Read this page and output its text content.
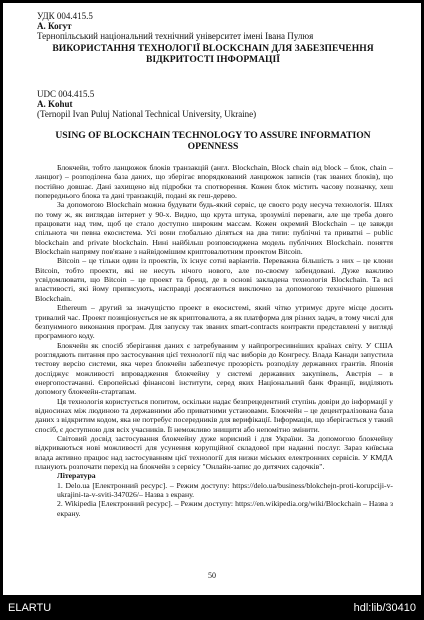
УДК 004.415.5
А. Когут
Тернопільський національний технічний університет імені Івана Пулюя
ВИКОРИСТАННЯ ТЕХНОЛОГІЇ BLOCKCHAIN ДЛЯ ЗАБЕЗПЕЧЕННЯ ВІДКРИТОСТІ ІНФОРМАЦІЇ
UDC 004.415.5
A. Kohut
(Ternopil Ivan Puluj National Technical University, Ukraine)
USING OF BLOCKCHAIN TECHNOLOGY TO ASSURE INFORMATION OPENNESS

Блокчейн, тобто ланцюжок блоків транзакцій (англ. Blockchain, Block chain від block – блок, chain – ланцюг) – розподілена база даних, що зберігає впорядкований ланцюжок записів (так званих блоків), що постійно довшає. Дані захищено від підробки та спотворення. Кожен блок містить часову позначку, хеш попереднього блока та дані транзакцій, подані як геш-дерево.

За допомогою Blockchain можна будувати будь-який сервіс, це своєго роду несуча технологія. Шлях по тому ж, як виглядав інтернет у 90-х. Видно, що крута штука, зрозумілі переваги, але ще треба довго працювати над тим, щоб це стало доступно широким массам. Кожен окремий Blockchain – це завжди спільнота чи певна екосистема. Усі вони глобально діляться на два типи: публічні та приватні – public blockchain and private blockchain. Нині найбільш розповсюджена модель публічних Blockchain. поняття Blockchain напряму пов'язане з найвідомішим криптовалютним проектом Bitcoin.

Bitcoin – це тільки один із проектів, їх існує сотні варіантів. Переважна більшість з них – це клони Bitcoin, тобто проекти, які не несуть нічого нового, але по-своєму забендовані. Дуже важливо усвідомлювати, що Bitcoin – це проект та бренд, де в основі закладена технологія Blockchain. Та всі властивості, які йому приписують, насправді досягаються виключно за допомогою технічного рішення Blockchain.

Ethereum – другий за значущістю проект в екосистемі, який чітко утримує друге місце досить тривалий час. Проект позиціонується не як криптовалюта, а як платформа для різних задач, в тому числі для безпунмного виконання програм. Для запуску так званих smart-contracts контракти представлені у вигляді програмного коду.

Блокчейн як спосіб зберігання даних є затребуваним у найпрогресивніших країнах світу. У США розглядають питання про застосування цієї технології під час виборів до Конгресу. Влада Канади запустила тестову версію системи, яка через блокчейн забезпечує прозорість розподілу державних грантів. Японія досліджує можливості впровадження блокчейну у системі державних закупівель, Австрія – в енергопостачанні. Європейські фінансові інститути, серед яких Національний банк Франції, виділяють допомогу блокчейн-стартапам.

Ця технологія користується попитом, оскільки надає безпрецедентний ступінь довіри до інформації у відносинах між людиною та державними або приватними установами. Блокчейн – це децентралізована база даних з відкритим кодом, яка не потребує посередників для верифікації. Інформація, що зберігається у такий спосіб, є доступною для всіх учасників. Її неможливо знищити або непомітно змінити.

Світовий досвід застосування блокчейну дуже корисний і для України. За допомогою блокчейну відкриваються нові можливості для усунення корупційної складової при наданні послуг. Зараз київська влада активно працює над застосуванням цієї технології для низки міських електронних сервісів. У КМДА планують розпочати перехід на блокчейн з сервісу "Онлайн-запис до дитячих садочків".

Література

1. Delo.ua [Електронний ресурс]. – Режим доступу: https://delo.ua/business/blokchejn-proti-korupciji-v-ukrajini-ta-v-sviti-347026/– Назва з екрану.

2. Wikipedia [Електронний ресурс]. – Режим доступу: https://en.wikipedia.org/wiki/Blockchain – Назва з екрану.

50
ELARTU	hdl:lib/30410
